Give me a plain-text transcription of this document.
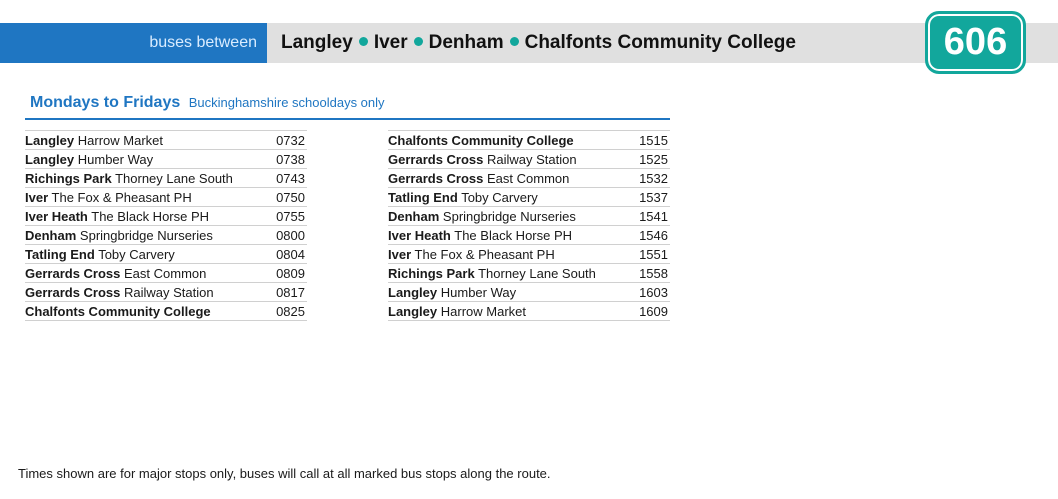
buses between	Langley Iver Denham Chalfonts Community College	606
Mondays to Fridays Buckinghamshire schooldays only
Langley Harrow Market	0732
Langley Humber Way	0738
Richings Park Thorney Lane South	0743
Iver The Fox & Pheasant PH	0750
Iver Heath The Black Horse PH	0755
Denham Springbridge Nurseries	0800
Tatling End Toby Carvery	0804
Gerrards Cross East Common	0809
Gerrards Cross Railway Station	0817
Chalfonts Community College	0825
Chalfonts Community College	1515
Gerrards Cross Railway Station	1525
Gerrards Cross East Common	1532
Tatling End Toby Carvery	1537
Denham Springbridge Nurseries	1541
Iver Heath The Black Horse PH	1546
Iver The Fox & Pheasant PH	1551
Richings Park Thorney Lane South	1558
Langley Humber Way	1603
Langley Harrow Market	1609
Times shown are for major stops only, buses will call at all marked bus stops along the route.
